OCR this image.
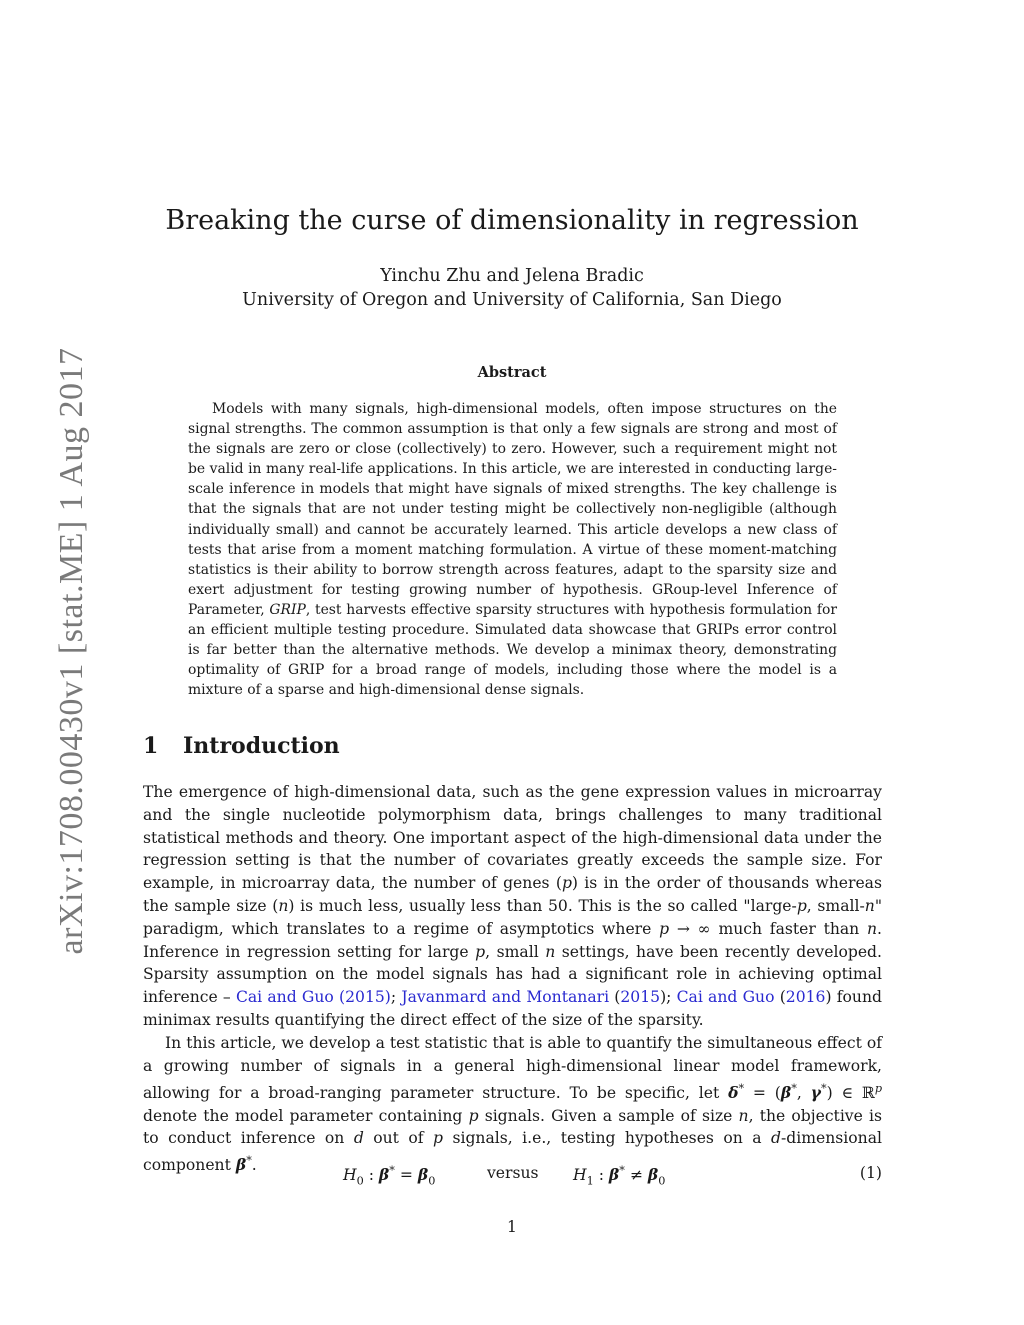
arXiv:1708.00430v1 [stat.ME] 1 Aug 2017
Breaking the curse of dimensionality in regression
Yinchu Zhu and Jelena Bradic
University of Oregon and University of California, San Diego
Abstract
Models with many signals, high-dimensional models, often impose structures on the signal strengths. The common assumption is that only a few signals are strong and most of the signals are zero or close (collectively) to zero. However, such a requirement might not be valid in many real-life applications. In this article, we are interested in conducting large-scale inference in models that might have signals of mixed strengths. The key challenge is that the signals that are not under testing might be collectively non-negligible (although individually small) and cannot be accurately learned. This article develops a new class of tests that arise from a moment matching formulation. A virtue of these moment-matching statistics is their ability to borrow strength across features, adapt to the sparsity size and exert adjustment for testing growing number of hypothesis. GRoup-level Inference of Parameter, GRIP, test harvests effective sparsity structures with hypothesis formulation for an efficient multiple testing procedure. Simulated data showcase that GRIPs error control is far better than the alternative methods. We develop a minimax theory, demonstrating optimality of GRIP for a broad range of models, including those where the model is a mixture of a sparse and high-dimensional dense signals.
1 Introduction
The emergence of high-dimensional data, such as the gene expression values in microarray and the single nucleotide polymorphism data, brings challenges to many traditional statistical methods and theory. One important aspect of the high-dimensional data under the regression setting is that the number of covariates greatly exceeds the sample size. For example, in microarray data, the number of genes (p) is in the order of thousands whereas the sample size (n) is much less, usually less than 50. This is the so called "large-p, small-n" paradigm, which translates to a regime of asymptotics where p → ∞ much faster than n. Inference in regression setting for large p, small n settings, have been recently developed. Sparsity assumption on the model signals has had a significant role in achieving optimal inference – Cai and Guo (2015); Javanmard and Montanari (2015); Cai and Guo (2016) found minimax results quantifying the direct effect of the size of the sparsity.
In this article, we develop a test statistic that is able to quantify the simultaneous effect of a growing number of signals in a general high-dimensional linear model framework, allowing for a broad-ranging parameter structure. To be specific, let δ* = (β*, γ*) ∈ ℝ$^p$ denote the model parameter containing p signals. Given a sample of size n, the objective is to conduct inference on d out of p signals, i.e., testing hypotheses on a d-dimensional component β*.
$H_0$ : $\beta^* = \beta_0$	versus $H_1$ : $\beta^* \ne \beta_0$	(1)
1
